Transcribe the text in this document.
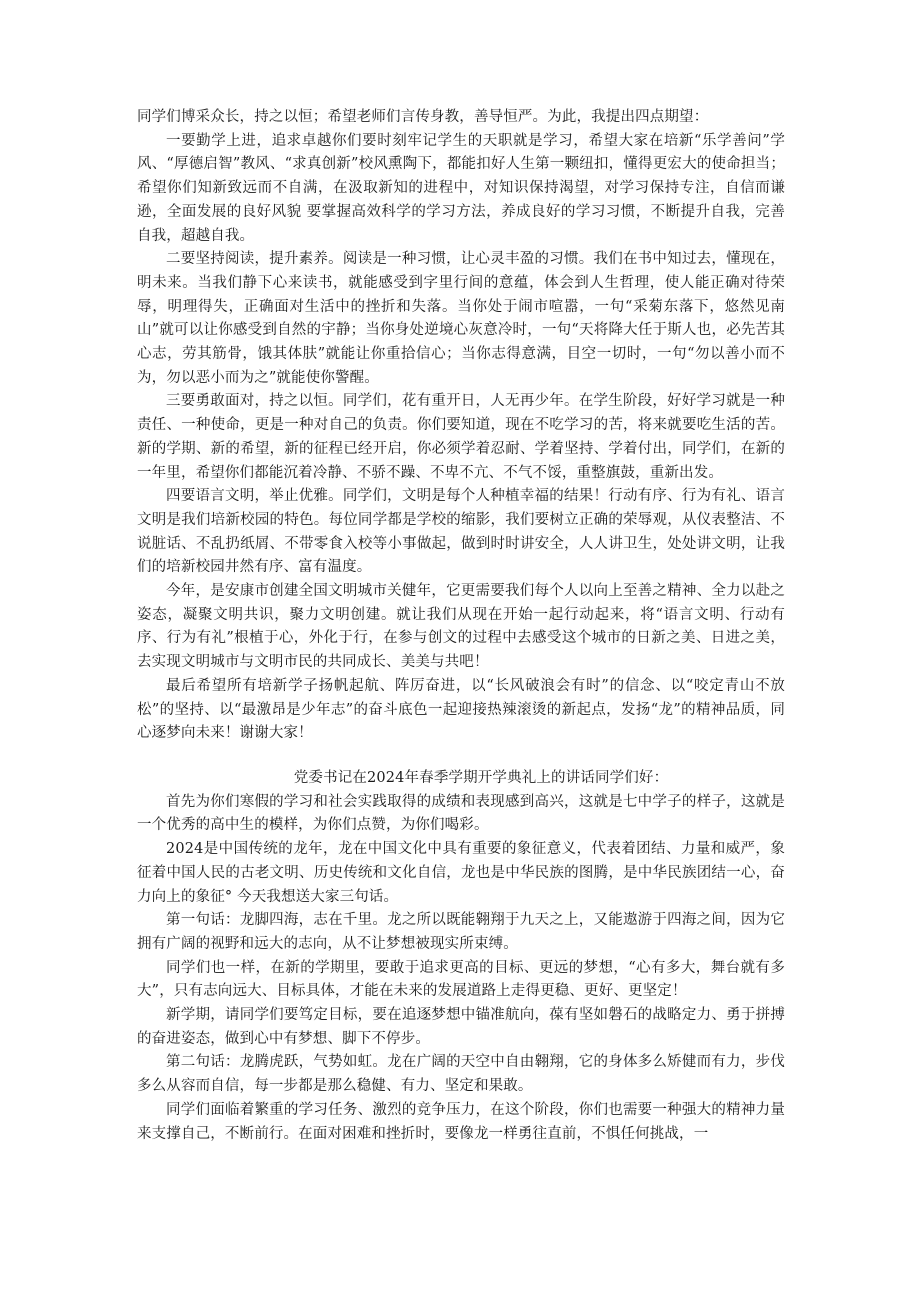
同学们博采众长，持之以恒；希望老师们言传身教，善导恒严。为此，我提出四点期望：

一要勤学上进，追求卓越你们要时刻牢记学生的天职就是学习，希望大家在培新“乐学善问”学风、“厚德启智”教风、“求真创新”校风熏陶下，都能扣好人生第一颗纽扣，懂得更宏大的使命担当；希望你们知新致远而不自满，在汲取新知的进程中，对知识保持渴望，对学习保持专注，自信而谦逊，全面发展的良好风貌 要掌握高效科学的学习方法，养成良好的学习习惯，不断提升自我，完善自我，超越自我。

二要坚持阅读，提升素养。阅读是一种习惯，让心灵丰盈的习惯。我们在书中知过去，懂现在，明未来。当我们静下心来读书，就能感受到字里行间的意蕴，体会到人生哲理，使人能正确对待荣辱，明理得失，正确面对生活中的挫折和失落。当你处于闹市喧嚣，一句“采菊东落下，悠然见南山”就可以让你感受到自然的宇静；当你身处逆境心灰意冷时，一句“天将降大任于斯人也，必先苦其心志，劳其筋骨，饿其体肤”就能让你重拾信心；当你志得意满，目空一切时，一句“勿以善小而不为，勿以恶小而为之”就能使你警醒。

三要勇敢面对，持之以恒。同学们，花有重开日，人无再少年。在学生阶段，好好学习就是一种责任、一种使命，更是一种对自己的负责。你们要知道，现在不吃学习的苦，将来就要吃生活的苦。新的学期、新的希望，新的征程已经开启，你必须学着忍耐、学着坚持、学着付出，同学们，在新的一年里，希望你们都能沉着冷静、不骄不躁、不卑不亢、不气不馁，重整旗鼓，重新出发。

四要语言文明，举止优雅。同学们，文明是每个人种植幸福的结果！行动有序、行为有礼、语言文明是我们培新校园的特色。每位同学都是学校的缩影，我们要树立正确的荣辱观，从仪表整洁、不说脏话、不乱扔纸屑、不带零食入校等小事做起，做到时时讲安全，人人讲卫生，处处讲文明，让我们的培新校园井然有序、富有温度。

今年，是安康市创建全国文明城市关健年，它更需要我们每个人以向上至善之精神、全力以赴之姿态，凝聚文明共识，聚力文明创建。就让我们从现在开始一起行动起来，将“语言文明、行动有序、行为有礼”根植于心，外化于行，在参与创文的过程中去感受这个城市的日新之美、日进之美，去实现文明城市与文明市民的共同成长、美美与共吧！

最后希望所有培新学子扬帆起航、阵厉奋进，以“长风破浪会有时”的信念、以“咬定青山不放松”的坚持、以“最激昂是少年志”的奋斗底色一起迎接热辣滚烫的新起点，发扬“龙”的精神品质，同心逐梦向未来！谢谢大家！

党委书记在2024年春季学期开学典礼上的讲话同学们好：

首先为你们寒假的学习和社会实践取得的成绩和表现感到高兴，这就是七中学子的样子，这就是一个优秀的高中生的模样，为你们点赞，为你们喝彩。

2024是中国传统的龙年，龙在中国文化中具有重要的象征意义，代表着团结、力量和威严，象征着中国人民的古老文明、历史传统和文化自信，龙也是中华民族的图腾，是中华民族团结一心，奋力向上的象征° 今天我想送大家三句话。

第一句话：龙脚四海，志在千里。龙之所以既能翱翔于九天之上，又能遨游于四海之间，因为它拥有广阔的视野和远大的志向，从不让梦想被现实所束缚。

同学们也一样，在新的学期里，要敢于追求更高的目标、更远的梦想，“心有多大，舞台就有多大”，只有志向远大、目标具体，才能在未来的发展道路上走得更稳、更好、更坚定！

新学期，请同学们要笃定目标，要在追逐梦想中锚准航向，葆有坚如磐石的战略定力、勇于拼搏的奋进姿态，做到心中有梦想、脚下不停步。

第二句话：龙腾虎跃，气势如虹。龙在广阔的天空中自由翱翔，它的身体多么矫健而有力，步伐多么从容而自信，每一步都是那么稳健、有力、坚定和果敢。

同学们面临着繁重的学习任务、激烈的竞争压力，在这个阶段，你们也需要一种强大的精神力量来支撑自己，不断前行。在面对困难和挫折时，要像龙一样勇往直前，不惧任何挑战，一
